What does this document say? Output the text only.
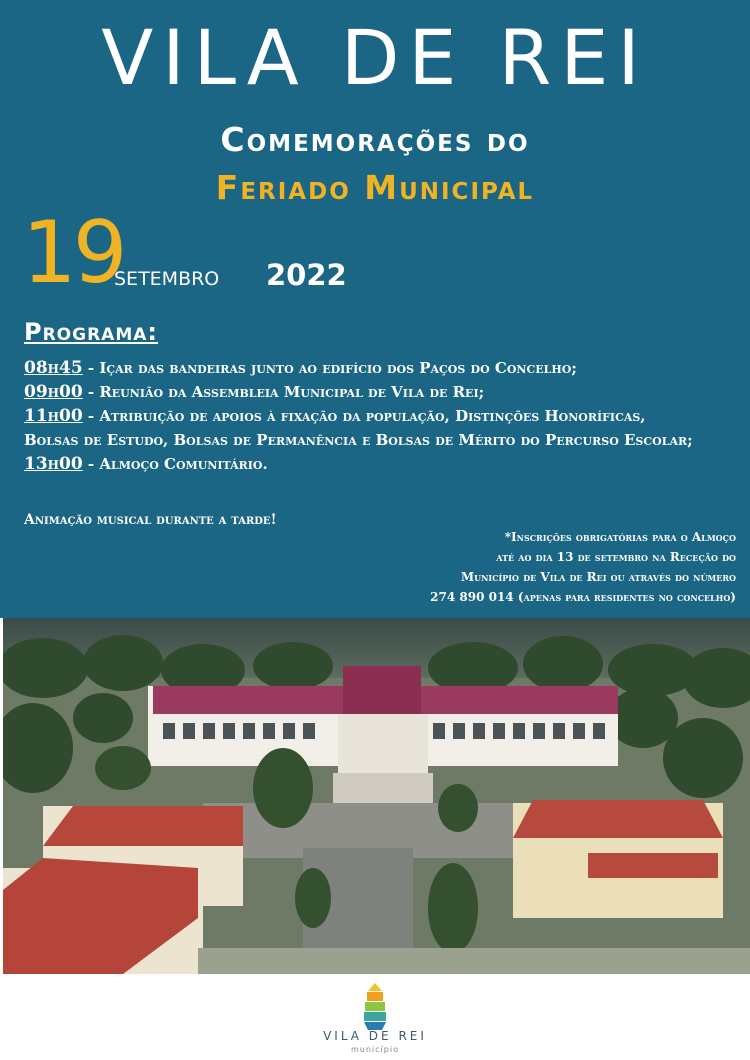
VILA DE REI
Comemorações do
Feriado Municipal
19
setembro 2022
Programa:

08h45 - Içar das bandeiras junto ao edifício dos Paços do Concelho;

09h00 - Reunião da Assembleia Municipal de Vila de Rei;

11h00 - Atribuição de apoios à fixação da população, Distinções Honoríficas,
Bolsas de Estudo, Bolsas de Permanência e Bolsas de Mérito do Percurso Escolar;

13h00 - Almoço Comunitário.

Animação musical durante a tarde!
*Inscrições obrigatórias para o Almoço
até ao dia 13 de setembro na Receção do
Município de Vila de Rei ou através do número
274 890 014 (apenas para residentes no concelho)
VILA DE REI
município
